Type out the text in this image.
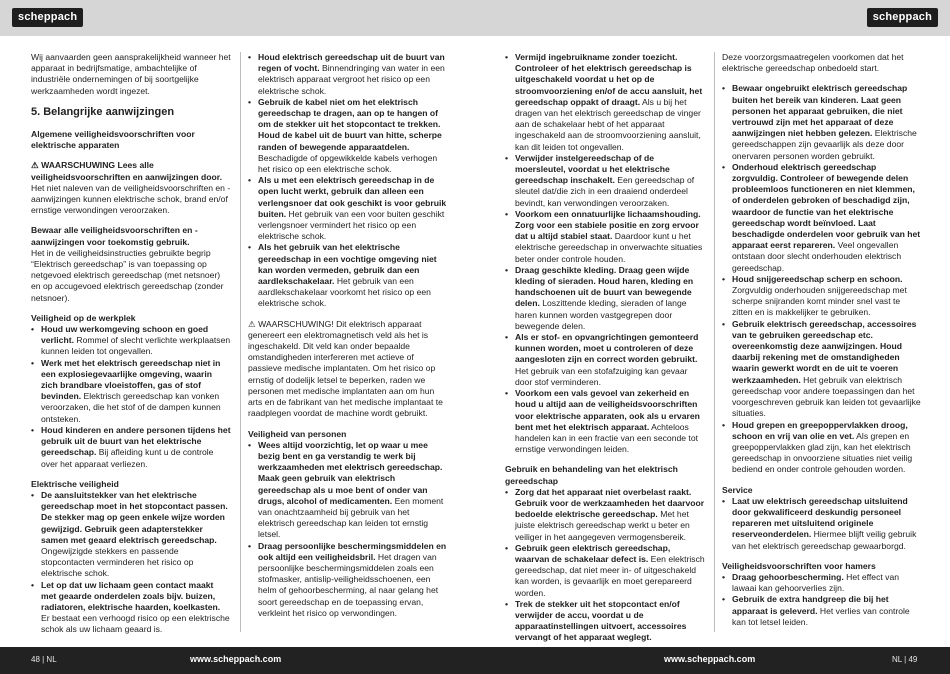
scheppach	scheppach

Wij aanvaarden geen aansprakelijkheid wanneer het apparaat in bedrijfsmatige, ambachtelijke of industriële ondernemingen of bij soortgelijke werkzaamheden wordt ingezet.

5. Belangrijke aanwijzingen

Algemene veiligheidsvoorschriften voor elektrische apparaten

⚠ WAARSCHUWING Lees alle veiligheidsvoorschriften en aanwijzingen door. Het niet naleven van de veiligheidsvoorschriften en -aanwijzingen kunnen elektrische schok, brand en/of ernstige verwondingen veroorzaken.

Bewaar alle veiligheidsvoorschriften en -aanwijzingen voor toekomstig gebruik.

Het in de veiligheidsinstructies gebruikte begrip “Elektrisch gereedschap” is van toepassing op netgevoed elektrisch gereedschap (met netsnoer) en op accugevoed elektrisch gereedschap (zonder netsnoer).

Veiligheid op de werkplek

• Houd uw werkomgeving schoon en goed verlicht. Rommel of slecht verlichte werkplaatsen kunnen leiden tot ongevallen.
• Werk met het elektrisch gereedschap niet in een explosiegevaarlijke omgeving, waarin zich brandbare vloeistoffen, gas of stof bevinden. Elektrisch gereedschap kan vonken veroorzaken, die het stof of de dampen kunnen ontsteken.
• Houd kinderen en andere personen tijdens het gebruik uit de buurt van het elektrische gereedschap. Bij afleiding kunt u de controle over het apparaat verliezen.

Elektrische veiligheid

• De aansluitstekker van het elektrische gereedschap moet in het stopcontact passen. De stekker mag op geen enkele wijze worden gewijzigd. Gebruik geen adapterstekker samen met geaard elektrisch gereedschap. Ongewijzigde stekkers en passende stopcontacten verminderen het risico op elektrische schok.
• Let op dat uw lichaam geen contact maakt met geaarde onderdelen zoals bijv. buizen, radiatoren, elektrische haarden, koelkasten. Er bestaat een verhoogd risico op een elektrische schok als uw lichaam geaard is.
• Houd elektrisch gereedschap uit de buurt van regen of vocht. Binnendringing van water in een elektrisch apparaat vergroot het risico op een elektrische schok.
• Gebruik de kabel niet om het elektrisch gereedschap te dragen, aan op te hangen of om de stekker uit het stopcontact te trekken. Houd de kabel uit de buurt van hitte, scherpe randen of bewegende apparaatdelen. Beschadigde of opgewikkelde kabels verhogen het risico op een elektrische schok.
• Als u met een elektrisch gereedschap in de open lucht werkt, gebruik dan alleen een verlengsnoer dat ook geschikt is voor gebruik buiten. Het gebruik van een voor buiten geschikt verlengsnoer vermindert het risico op een elektrische schok.
• Als het gebruik van het elektrische gereedschap in een vochtige omgeving niet kan worden vermeden, gebruik dan een aardlekschakelaar. Het gebruik van een aardlekschakelaar voorkomt het risico op een elektrische schok.

⚠ WAARSCHUWING! Dit elektrisch apparaat genereert een elektromagnetisch veld als het is ingeschakeld. Dit veld kan onder bepaalde omstandigheden interfereren met actieve of passieve medische implantaten. Om het risico op ernstig of dodelijk letsel te beperken, raden we personen met medische implantaten aan om hun arts en de fabrikant van het medische implantaat te raadplegen voordat de machine wordt gebruikt.

Veiligheid van personen

• Wees altijd voorzichtig, let op waar u mee bezig bent en ga verstandig te werk bij werkzaamheden met elektrisch gereedschap. Maak geen gebruik van elektrisch gereedschap als u moe bent of onder van drugs, alcohol of medicamenten. Een moment van onachtzaamheid bij gebruik van het elektrisch gereedschap kan leiden tot ernstig letsel.
• Draag persoonlijke beschermingsmiddelen en ook altijd een veiligheidsbril. Het dragen van persoonlijke beschermingsmiddelen zoals een stofmasker, antislip-veiligheidsschoenen, een helm of gehoorbescherming, al naar gelang het soort gereedschap en de toepassing ervan, verkleint het risico op verwondingen.
• Vermijd ingebruikname zonder toezicht. Controleer of het elektrisch gereedschap is uitgeschakeld voordat u het op de stroomvoorziening en/of de accu aansluit, het gereedschap oppakt of draagt. Als u bij het dragen van het elektrisch gereedschap de vinger aan de schakelaar hebt of het apparaat ingeschakeld aan de stroomvoorziening aansluit, kan dit leiden tot ongevallen.
• Verwijder instelgereedschap of de moersleutel, voordat u het elektrische gereedschap inschakelt. Een gereedschap of sleutel dat/die zich in een draaiend onderdeel bevindt, kan verwondingen veroorzaken.
• Voorkom een onnatuurlijke lichaamshouding. Zorg voor een stabiele positie en zorg ervoor dat u altijd stabiel staat. Daardoor kunt u het elektrische gereedschap in onverwachte situaties beter onder controle houden.
• Draag geschikte kleding. Draag geen wijde kleding of sieraden. Houd haren, kleding en handschoenen uit de buurt van bewegende delen. Loszittende kleding, sieraden of lange haren kunnen worden vastgegrepen door bewegende delen.
• Als er stof- en opvangrichtingen gemonteerd kunnen worden, moet u controleren of deze aangesloten zijn en correct worden gebruikt. Het gebruik van een stofafzuiging kan gevaar door stof verminderen.
• Voorkom een vals gevoel van zekerheid en houd u altijd aan de veiligheidsvoorschriften voor elektrische apparaten, ook als u ervaren bent met het elektrisch apparaat. Achteloos handelen kan in een fractie van een seconde tot ernstige verwondingen leiden.

Gebruik en behandeling van het elektrisch gereedschap

• Zorg dat het apparaat niet overbelast raakt. Gebruik voor de werkzaamheden het daarvoor bedoelde elektrische gereedschap. Met het juiste elektrisch gereedschap werkt u beter en veiliger in het aangegeven vermogensbereik.
• Gebruik geen elektrisch gereedschap, waarvan de schakelaar defect is. Een elektrisch gereedschap, dat niet meer in- of uitgeschakeld kan worden, is gevaarlijk en moet gerepareerd worden.
• Trek de stekker uit het stopcontact en/of verwijder de accu, voordat u de apparaatinstellingen uitvoert, accessoires vervangt of het apparaat weglegt.

Deze voorzorgsmaatregelen voorkomen dat het elektrische gereedschap onbedoeld start.

• Bewaar ongebruikt elektrisch gereedschap buiten het bereik van kinderen. Laat geen personen het apparaat gebruiken, die niet vertrouwd zijn met het apparaat of deze aanwijzingen niet hebben gelezen. Elektrische gereedschappen zijn gevaarlijk als deze door onervaren personen worden gebruikt.
• Onderhoud elektrisch gereedschap zorgvuldig. Controleer of bewegende delen probleemloos functioneren en niet klemmen, of onderdelen gebroken of beschadigd zijn, waardoor de functie van het elektrische gereedschap wordt beïnvloed. Laat beschadigde onderdelen voor gebruik van het apparaat eerst repareren. Veel ongevallen ontstaan door slecht onderhouden elektrisch gereedschap.
• Houd snijgereedschap scherp en schoon. Zorgvuldig onderhouden snijgereedschap met scherpe snijranden komt minder snel vast te zitten en is makkelijker te gebruiken.
• Gebruik elektrisch gereedschap, accessoires van te gebruiken gereedschap etc. overeenkomstig deze aanwijzingen. Houd daarbij rekening met de omstandigheden waarin gewerkt wordt en de uit te voeren werkzaamheden. Het gebruik van elektrisch gereedschap voor andere toepassingen dan het voorgeschreven gebruik kan leiden tot gevaarlijke situaties.
• Houd grepen en greepoppervlakken droog, schoon en vrij van olie en vet. Als grepen en greepoppervlakken glad zijn, kan het elektrisch gereedschap in onvoorziene situaties niet veilig bediend en onder controle gehouden worden.

Service

• Laat uw elektrisch gereedschap uitsluitend door gekwalificeerd deskundig personeel repareren met uitsluitend originele reserveonderdelen. Hiermee blijft veilig gebruik van het elektrisch gereedschap gewaarborgd.

Veiligheidsvoorschriften voor hamers

• Draag gehoorbescherming. Het effect van lawaai kan gehoorverlies zijn.
• Gebruik de extra handgreep die bij het apparaat is geleverd. Het verlies van controle kan tot letsel leiden.
48 | NL	www.scheppach.com	www.scheppach.com	NL | 49
